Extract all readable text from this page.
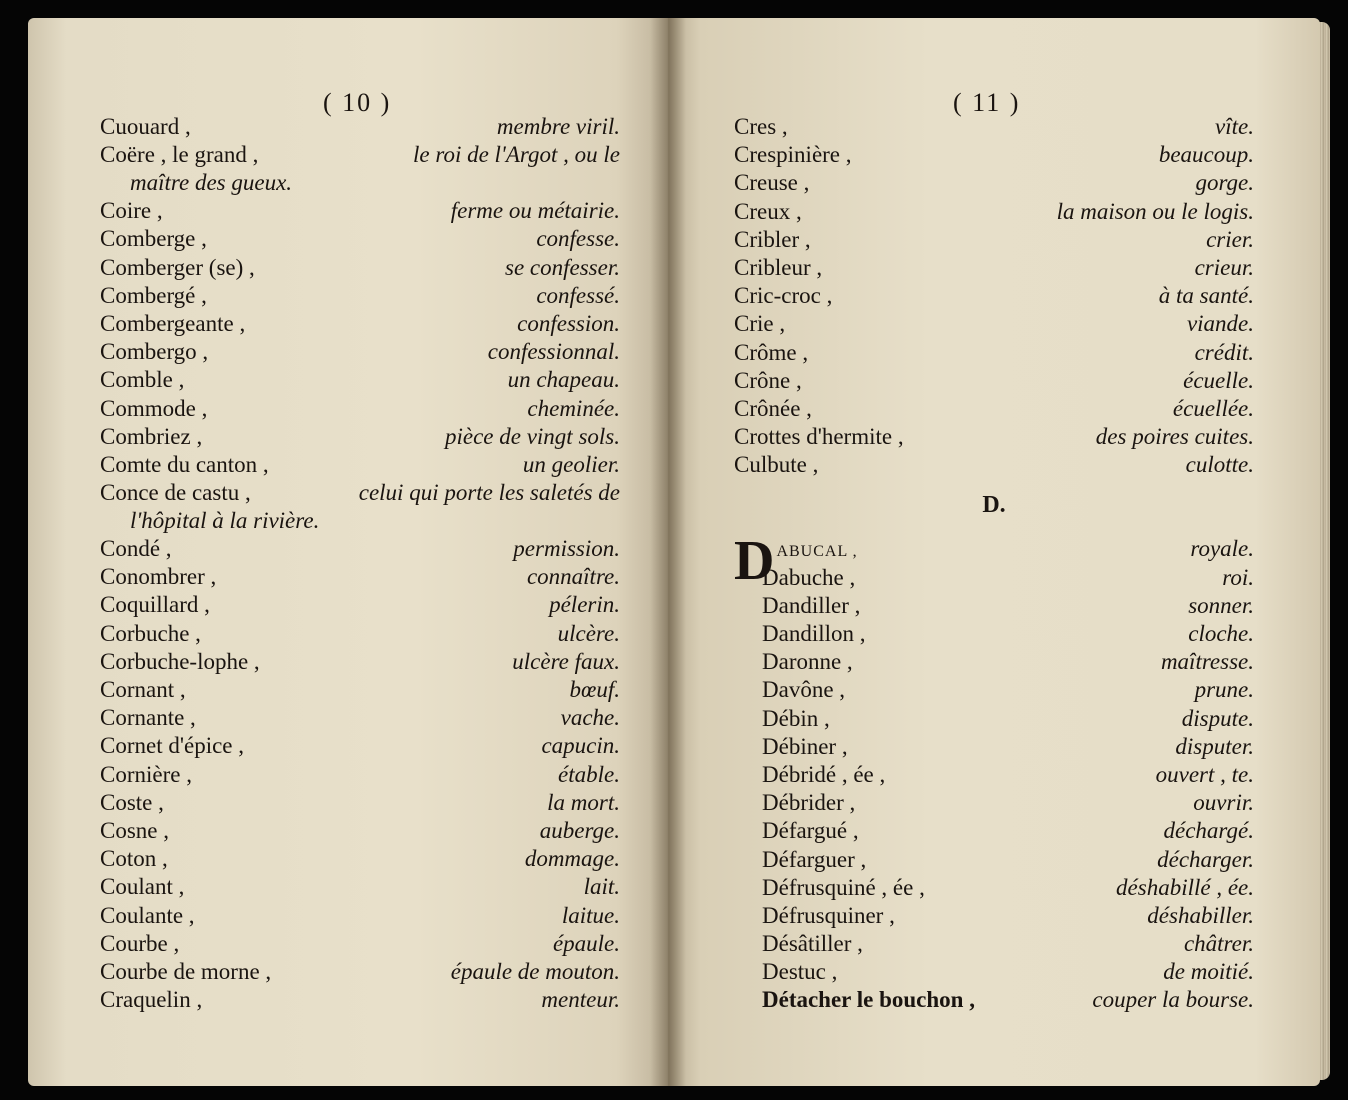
( 10 )
Cuouard ,	membre viril.
Coëre , le grand ,	le roi de l'Argot , ou le
maître des gueux.
Coire ,	ferme ou métairie.
Comberge ,	confesse.
Comberger (se) ,	se confesser.
Combergé ,	confessé.
Combergeante ,	confession.
Combergo ,	confessionnal.
Comble ,	un chapeau.
Commode ,	cheminée.
Combriez ,	pièce de vingt sols.
Comte du canton ,	un geolier.
Conce de castu ,	celui qui porte les saletés de
l'hôpital à la rivière.
Condé ,	permission.
Conombrer ,	connaître.
Coquillard ,	pélerin.
Corbuche ,	ulcère.
Corbuche-lophe ,	ulcère faux.
Cornant ,	bœuf.
Cornante ,	vache.
Cornet d'épice ,	capucin.
Cornière ,	étable.
Coste ,	la mort.
Cosne ,	auberge.
Coton ,	dommage.
Coulant ,	lait.
Coulante ,	laitue.
Courbe ,	épaule.
Courbe de morne ,	épaule de mouton.
Craquelin ,	menteur.
( 11 )
Cres ,	vîte.
Crespinière ,	beaucoup.
Creuse ,	gorge.
Creux ,	la maison ou le logis.
Cribler ,	crier.
Cribleur ,	crieur.
Cric-croc ,	à ta santé.
Crie ,	viande.
Crôme ,	crédit.
Crône ,	écuelle.
Crônée ,	écuellée.
Crottes d'hermite ,	des poires cuites.
Culbute ,	culotte.
D.
DABUCAL ,	royale.
Dabuche ,	roi.
Dandiller ,	sonner.
Dandillon ,	cloche.
Daronne ,	maîtresse.
Davône ,	prune.
Débin ,	dispute.
Débiner ,	disputer.
Débridé , ée ,	ouvert , te.
Débrider ,	ouvrir.
Défargué ,	déchargé.
Défarguer ,	décharger.
Défrusquiné , ée ,	déshabillé , ée.
Défrusquiner ,	déshabiller.
Désâtiller ,	châtrer.
Destuc ,	de moitié.
Détacher le bouchon ,	couper la bourse.
